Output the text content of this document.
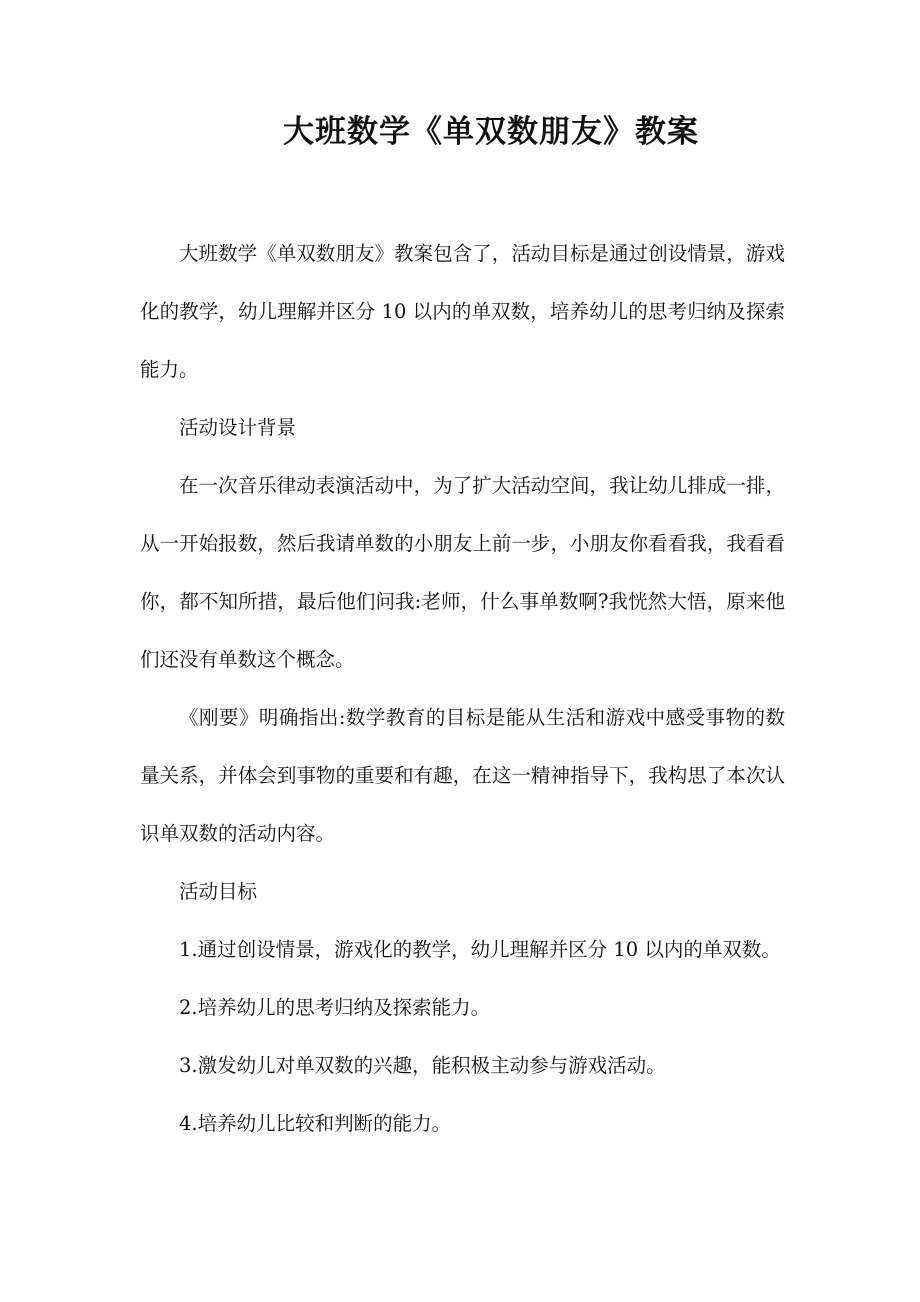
大班数学《单双数朋友》教案

大班数学《单双数朋友》教案包含了，活动目标是通过创设情景，游戏化的教学，幼儿理解并区分 10 以内的单双数，培养幼儿的思考归纳及探索能力。

活动设计背景

在一次音乐律动表演活动中，为了扩大活动空间，我让幼儿排成一排，从一开始报数，然后我请单数的小朋友上前一步，小朋友你看看我，我看看你，都不知所措，最后他们问我:老师，什么事单数啊?我恍然大悟，原来他们还没有单数这个概念。

《刚要》明确指出:数学教育的目标是能从生活和游戏中感受事物的数量关系，并体会到事物的重要和有趣，在这一精神指导下，我构思了本次认识单双数的活动内容。

活动目标

1.通过创设情景，游戏化的教学，幼儿理解并区分 10 以内的单双数。

2.培养幼儿的思考归纳及探索能力。

3.激发幼儿对单双数的兴趣，能积极主动参与游戏活动。

4.培养幼儿比较和判断的能力。
